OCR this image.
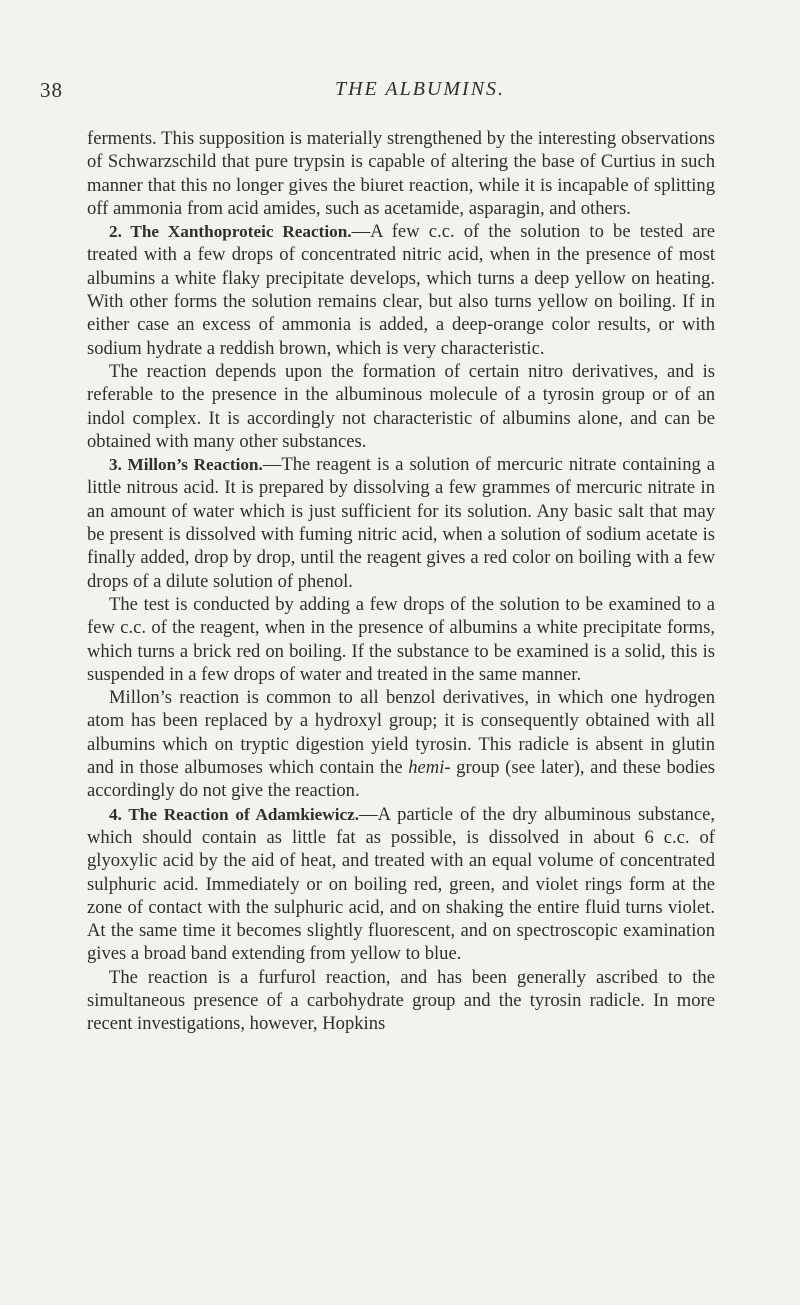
38	THE ALBUMINS.

ferments. This supposition is materially strengthened by the interesting observations of Schwarzschild that pure trypsin is capable of altering the base of Curtius in such manner that this no longer gives the biuret reaction, while it is incapable of splitting off ammonia from acid amides, such as acetamide, asparagin, and others.

2. The Xanthoproteic Reaction.—A few c.c. of the solution to be tested are treated with a few drops of concentrated nitric acid, when in the presence of most albumins a white flaky precipitate develops, which turns a deep yellow on heating. With other forms the solution remains clear, but also turns yellow on boiling. If in either case an excess of ammonia is added, a deep-orange color results, or with sodium hydrate a reddish brown, which is very characteristic.

The reaction depends upon the formation of certain nitro derivatives, and is referable to the presence in the albuminous molecule of a tyrosin group or of an indol complex. It is accordingly not characteristic of albumins alone, and can be obtained with many other substances.

3. Millon’s Reaction.—The reagent is a solution of mercuric nitrate containing a little nitrous acid. It is prepared by dissolving a few grammes of mercuric nitrate in an amount of water which is just sufficient for its solution. Any basic salt that may be present is dissolved with fuming nitric acid, when a solution of sodium acetate is finally added, drop by drop, until the reagent gives a red color on boiling with a few drops of a dilute solution of phenol.

The test is conducted by adding a few drops of the solution to be examined to a few c.c. of the reagent, when in the presence of albumins a white precipitate forms, which turns a brick red on boiling. If the substance to be examined is a solid, this is suspended in a few drops of water and treated in the same manner.

Millon’s reaction is common to all benzol derivatives, in which one hydrogen atom has been replaced by a hydroxyl group; it is consequently obtained with all albumins which on tryptic digestion yield tyrosin. This radicle is absent in glutin and in those albumoses which contain the hemi- group (see later), and these bodies accordingly do not give the reaction.

4. The Reaction of Adamkiewicz.—A particle of the dry albuminous substance, which should contain as little fat as possible, is dissolved in about 6 c.c. of glyoxylic acid by the aid of heat, and treated with an equal volume of concentrated sulphuric acid. Immediately or on boiling red, green, and violet rings form at the zone of contact with the sulphuric acid, and on shaking the entire fluid turns violet. At the same time it becomes slightly fluorescent, and on spectroscopic examination gives a broad band extending from yellow to blue.

The reaction is a furfurol reaction, and has been generally ascribed to the simultaneous presence of a carbohydrate group and the tyrosin radicle. In more recent investigations, however, Hopkins
